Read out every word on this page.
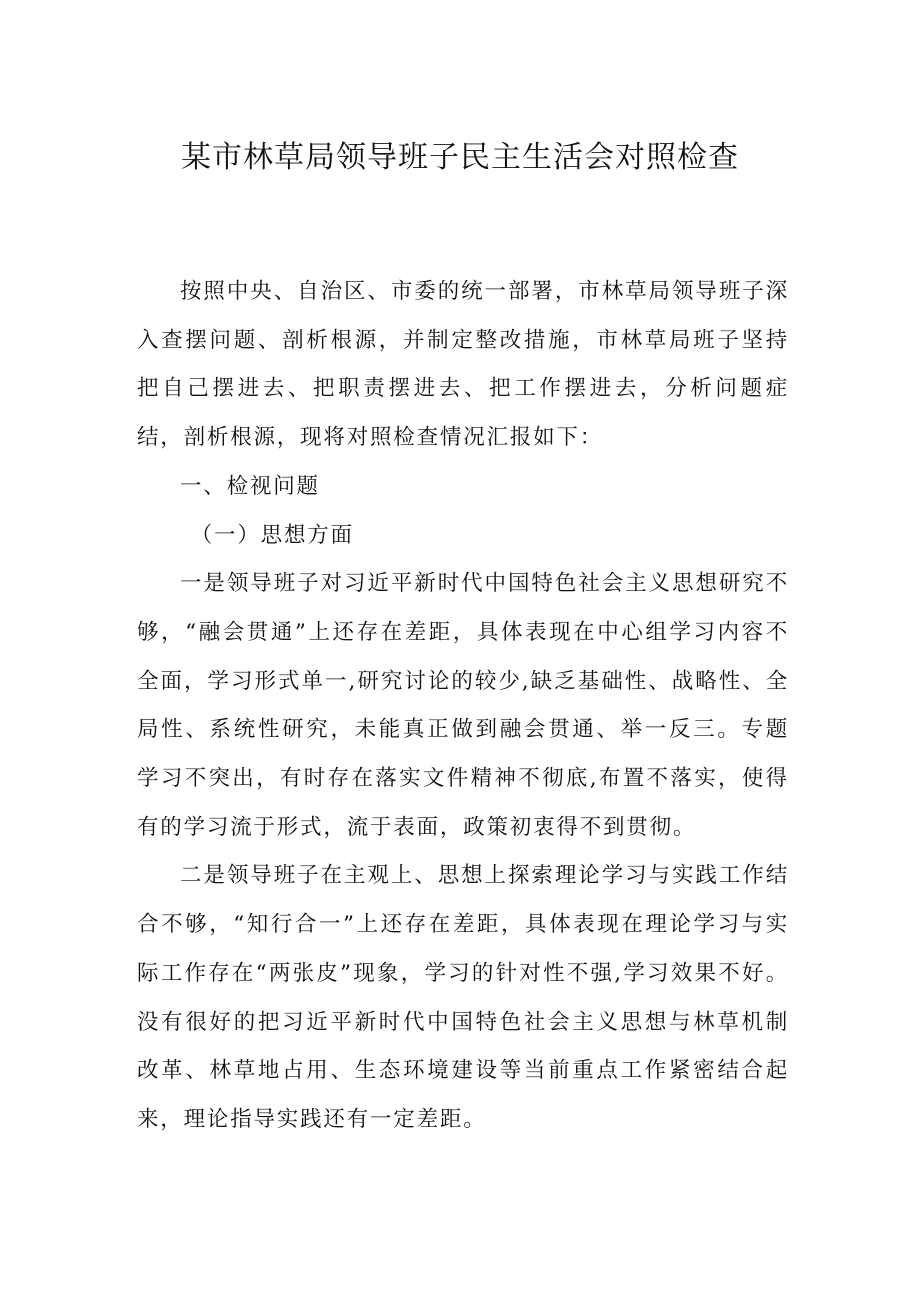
某市林草局领导班子民主生活会对照检查

按照中央、自治区、市委的统一部署，市林草局领导班子深入查摆问题、剖析根源，并制定整改措施，市林草局班子坚持把自己摆进去、把职责摆进去、把工作摆进去，分析问题症结，剖析根源，现将对照检查情况汇报如下：

一、检视问题

（一）思想方面

一是领导班子对习近平新时代中国特色社会主义思想研究不够，“融会贯通”上还存在差距，具体表现在中心组学习内容不全面，学习形式单一,研究讨论的较少,缺乏基础性、战略性、全局性、系统性研究，未能真正做到融会贯通、举一反三。专题学习不突出，有时存在落实文件精神不彻底,布置不落实，使得有的学习流于形式，流于表面，政策初衷得不到贯彻。

二是领导班子在主观上、思想上探索理论学习与实践工作结合不够，“知行合一”上还存在差距，具体表现在理论学习与实际工作存在“两张皮”现象，学习的针对性不强,学习效果不好。没有很好的把习近平新时代中国特色社会主义思想与林草机制改革、林草地占用、生态环境建设等当前重点工作紧密结合起来，理论指导实践还有一定差距。
